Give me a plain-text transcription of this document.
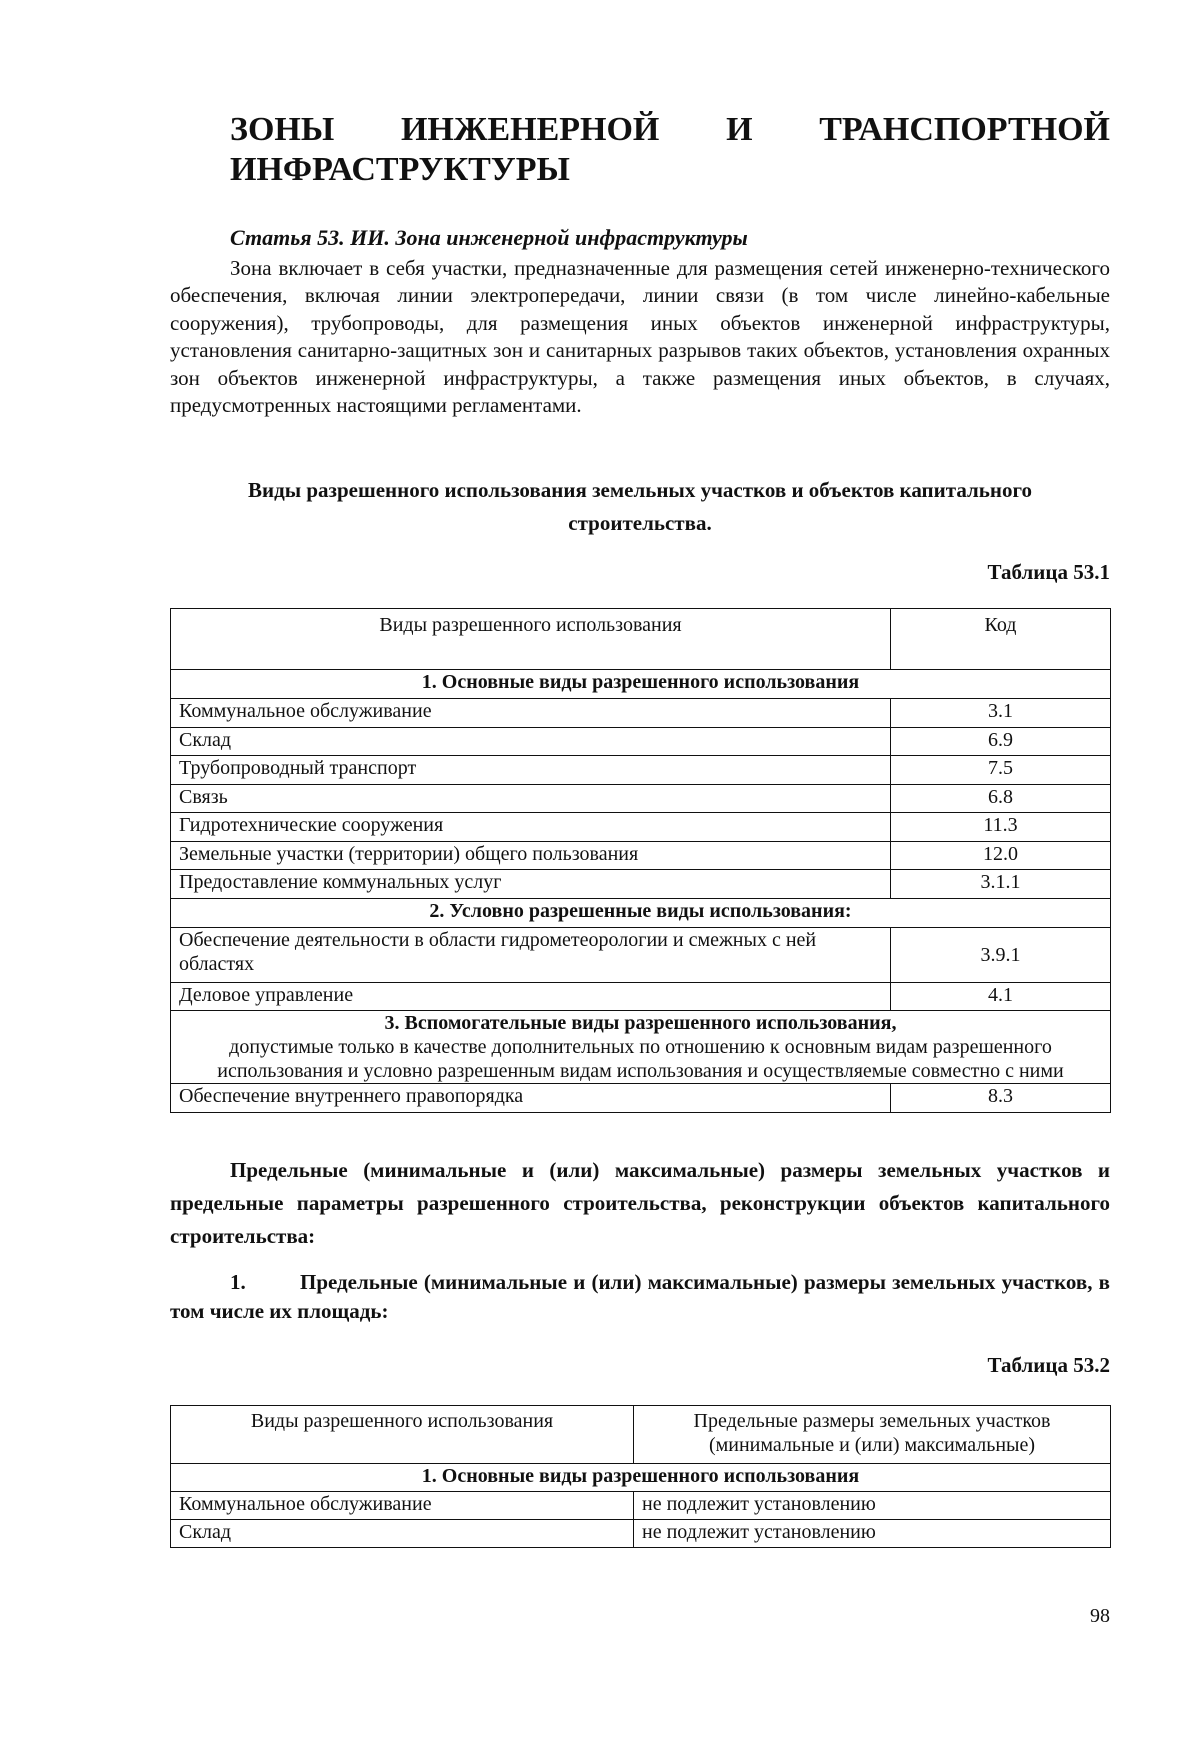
ЗОНЫ ИНЖЕНЕРНОЙ И ТРАНСПОРТНОЙ
ИНФРАСТРУКТУРЫ

Статья 53. ИИ. Зона инженерной инфраструктуры

Зона включает в себя участки, предназначенные для размещения сетей инженерно-технического обеспечения, включая линии электропередачи, линии связи (в том числе линейно-кабельные сооружения), трубопроводы, для размещения иных объектов инженерной инфраструктуры, установления санитарно-защитных зон и санитарных разрывов таких объектов, установления охранных зон объектов инженерной инфраструктуры, а также размещения иных объектов, в случаях, предусмотренных настоящими регламентами.

Виды разрешенного использования земельных участков и объектов капитального
строительства.

Таблица 53.1

Виды разрешенного использования	Код
1. Основные виды разрешенного использования	
Коммунальное обслуживание	3.1
Склад	6.9
Трубопроводный транспорт	7.5
Связь	6.8
Гидротехнические сооружения	11.3
Земельные участки (территории) общего пользования	12.0
Предоставление коммунальных услуг	3.1.1
2. Условно разрешенные виды использования:	
Обеспечение деятельности в области гидрометеорологии и смежных с ней областях	3.9.1
Деловое управление	4.1

3. Вспомогательные виды разрешенного использования,
допустимые только в качестве дополнительных по отношению к основным видам разрешенного использования и условно разрешенным видам использования и осуществляемые совместно с ними	

Обеспечение внутреннего правопорядка	8.3

Предельные (минимальные и (или) максимальные) размеры земельных участков и предельные параметры разрешенного строительства, реконструкции объектов капитального строительства:

1.	Предельные (минимальные и (или) максимальные) размеры земельных участков, в том числе их площадь:

Таблица 53.2

Виды разрешенного использования	Предельные размеры земельных участков (минимальные и (или) максимальные)
1. Основные виды разрешенного использования	
Коммунальное обслуживание	не подлежит установлению
Склад	не подлежит установлению

98
